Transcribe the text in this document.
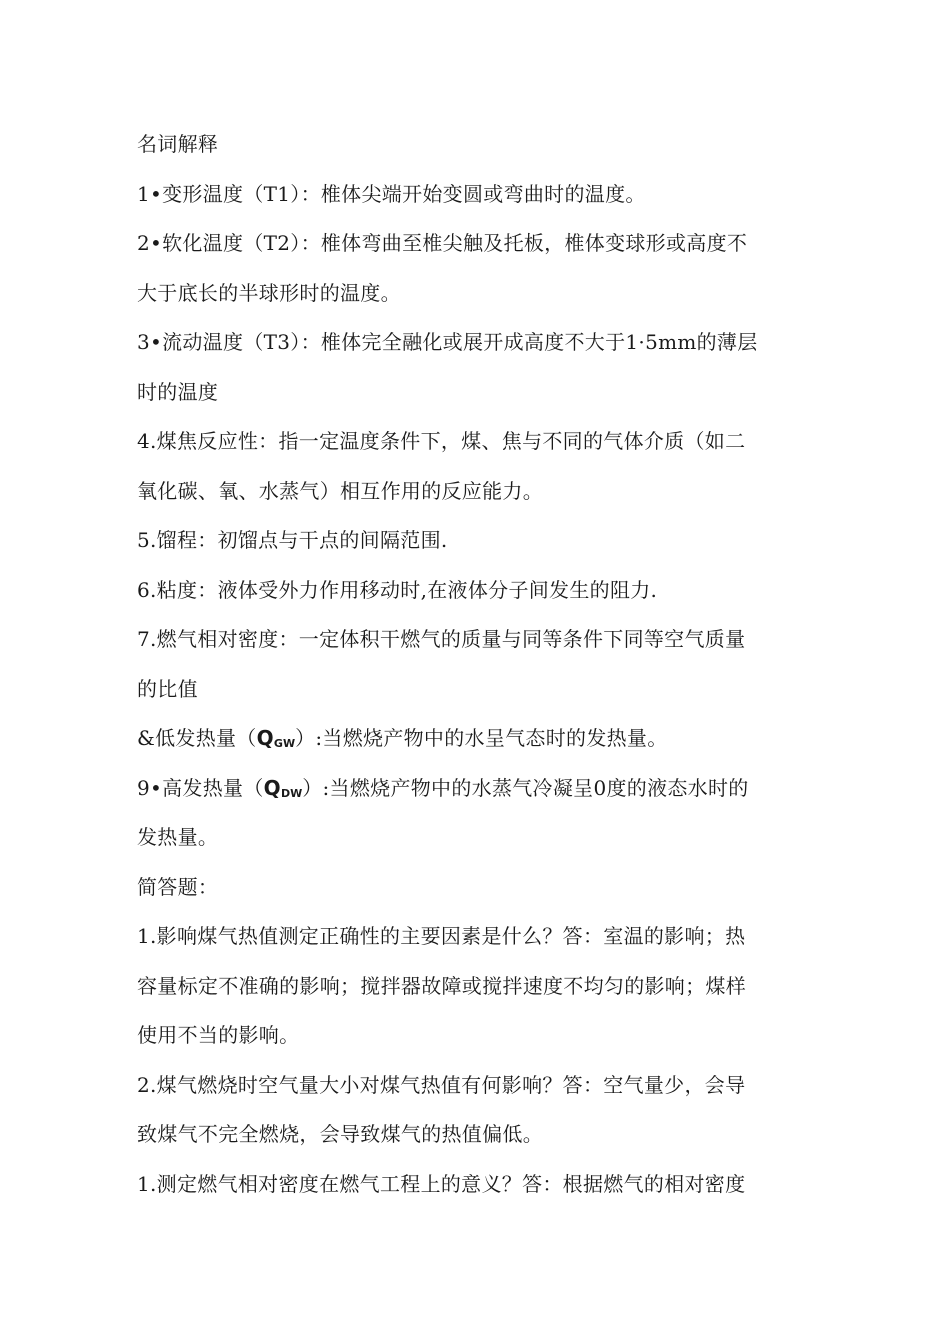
名词解释
1•变形温度（T1）：椎体尖端开始变圆或弯曲时的温度。
2•软化温度（T2）：椎体弯曲至椎尖触及托板，椎体变球形或高度不
大于底长的半球形时的温度。
3•流动温度（T3）：椎体完全融化或展开成高度不大于1·5mm的薄层
时的温度
4.煤焦反应性：指一定温度条件下，煤、焦与不同的气体介质（如二
氧化碳、氧、水蒸气）相互作用的反应能力。
5.馏程：初馏点与干点的间隔范围.
6.粘度：液体受外力作用移动时,在液体分子间发生的阻力.
7.燃气相对密度：一定体积干燃气的质量与同等条件下同等空气质量
的比值
&低发热量$(Q_{GW})$:当燃烧产物中的水呈气态时的发热量。
9•高发热量$(Q_{DW})$:当燃烧产物中的水蒸气冷凝呈0度的液态水时的
发热量。
简答题：
1.影响煤气热值测定正确性的主要因素是什么？答：室温的影响；热
容量标定不准确的影响；搅拌器故障或搅拌速度不均匀的影响；煤样
使用不当的影响。
2.煤气燃烧时空气量大小对煤气热值有何影响？答：空气量少，会导
致煤气不完全燃烧，会导致煤气的热值偏低。
1.测定燃气相对密度在燃气工程上的意义？答：根据燃气的相对密度
